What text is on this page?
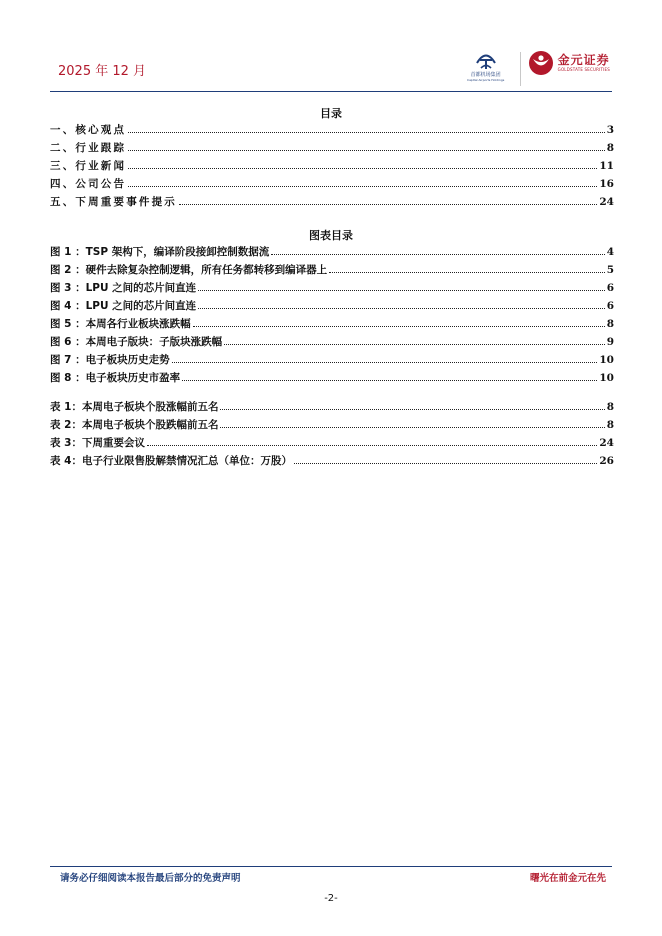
2025 年 12 月	首都机场集团
Capital Airports Holdings
金元证券
GOLDSTATE SECURITIES
目录
一、核心观点	3
二、行业跟踪	8
三、行业新闻	11
四、公司公告	16
五、下周重要事件提示	24
图表目录
图 1 ：TSP 架构下，编译阶段接卸控制数据流	4
图 2 ：硬件去除复杂控制逻辑，所有任务都转移到编译器上	5
图 3 ：LPU 之间的芯片间直连	6
图 4 ：LPU 之间的芯片间直连	6
图 5 ：本周各行业板块涨跌幅	8
图 6 ：本周电子版块：子版块涨跌幅	9
图 7 ：电子板块历史走势	10
图 8 ：电子板块历史市盈率	10
表 1：本周电子板块个股涨幅前五名	8
表 2：本周电子板块个股跌幅前五名	8
表 3：下周重要会议	24
表 4：电子行业限售股解禁情况汇总（单位：万股）	26
请务必仔细阅读本报告最后部分的免责声明	曙光在前金元在先
-2-
